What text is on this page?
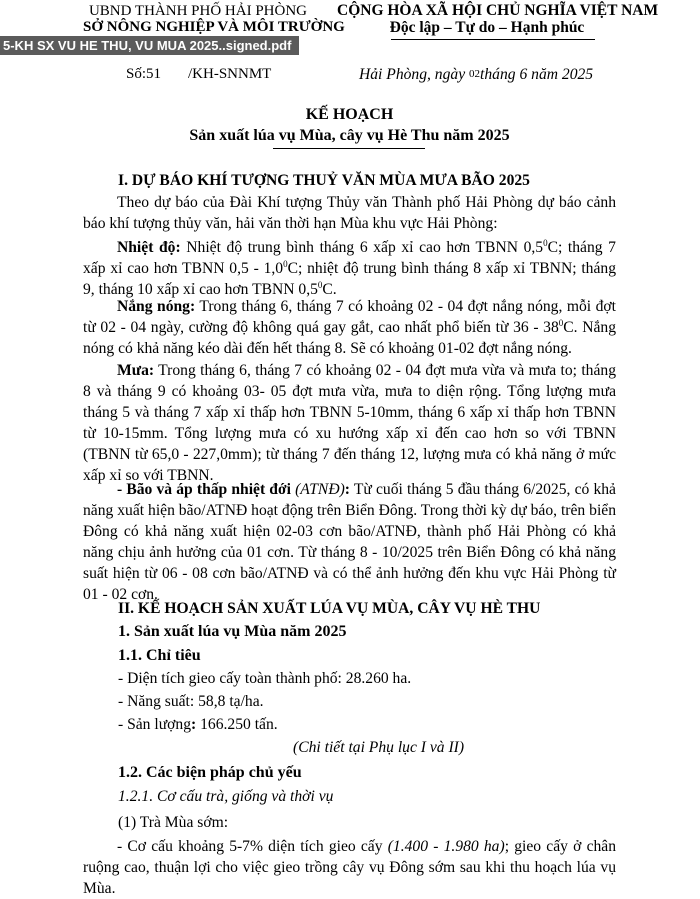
UBND THÀNH PHỐ HẢI PHÒNG
SỞ NÔNG NGHIỆP VÀ MÔI TRƯỜNG
CỘNG HÒA XÃ HỘI CHỦ NGHĨA VIỆT NAM
Độc lập – Tự do – Hạnh phúc
5-KH SX VU HE THU, VU MUA 2025..signed.pdf
Số:51 /KH-SNNMT	Hải Phòng, ngày 02tháng 6 năm 2025
KẾ HOẠCH
Sản xuất lúa vụ Mùa, cây vụ Hè Thu năm 2025
I. DỰ BÁO KHÍ TƯỢNG THUỶ VĂN MÙA MƯA BÃO 2025
Theo dự báo của Đài Khí tượng Thủy văn Thành phố Hải Phòng dự báo cảnh báo khí tượng thủy văn, hải văn thời hạn Mùa khu vực Hải Phòng:
Nhiệt độ: Nhiệt độ trung bình tháng 6 xấp xỉ cao hơn TBNN $0,5^0C$; tháng 7 xấp xỉ cao hơn TBNN $0,5 - 1,0^0C$; nhiệt độ trung bình tháng 8 xấp xỉ TBNN; tháng 9, tháng 10 xấp xỉ cao hơn TBNN $0,5^0C$.
Nắng nóng: Trong tháng 6, tháng 7 có khoảng 02 - 04 đợt nắng nóng, mỗi đợt từ 02 - 04 ngày, cường độ không quá gay gắt, cao nhất phổ biến từ $36 - 38^0C$. Nắng nóng có khả năng kéo dài đến hết tháng 8. Sẽ có khoảng 01-02 đợt nắng nóng.
Mưa: Trong tháng 6, tháng 7 có khoảng 02 - 04 đợt mưa vừa và mưa to; tháng 8 và tháng 9 có khoảng 03- 05 đợt mưa vừa, mưa to diện rộng. Tổng lượng mưa tháng 5 và tháng 7 xấp xỉ thấp hơn TBNN 5-10mm, tháng 6 xấp xỉ thấp hơn TBNN từ 10-15mm. Tổng lượng mưa có xu hướng xấp xỉ đến cao hơn so với TBNN (TBNN từ 65,0 - 227,0mm); từ tháng 7 đến tháng 12, lượng mưa có khả năng ở mức xấp xỉ so với TBNN.
- Bão và áp thấp nhiệt đới (ATNĐ): Từ cuối tháng 5 đầu tháng 6/2025, có khả năng xuất hiện bão/ATNĐ hoạt động trên Biển Đông. Trong thời kỳ dự báo, trên biển Đông có khả năng xuất hiện 02-03 cơn bão/ATNĐ, thành phố Hải Phòng có khả năng chịu ảnh hưởng của 01 cơn. Từ tháng 8 - 10/2025 trên Biển Đông có khả năng suất hiện từ 06 - 08 cơn bão/ATNĐ và có thể ảnh hưởng đến khu vực Hải Phòng từ 01 - 02 cơn.
II. KẾ HOẠCH SẢN XUẤT LÚA VỤ MÙA, CÂY VỤ HÈ THU
1. Sản xuất lúa vụ Mùa năm 2025
1.1. Chỉ tiêu
- Diện tích gieo cấy toàn thành phố: 28.260 ha.
- Năng suất: 58,8 tạ/ha.
- Sản lượng: 166.250 tấn.
(Chi tiết tại Phụ lục I và II)
1.2. Các biện pháp chủ yếu
1.2.1. Cơ cấu trà, giống và thời vụ
(1) Trà Mùa sớm:
- Cơ cấu khoảng 5-7% diện tích gieo cấy (1.400 - 1.980 ha); gieo cấy ở chân ruộng cao, thuận lợi cho việc gieo trồng cây vụ Đông sớm sau khi thu hoạch lúa vụ Mùa.
